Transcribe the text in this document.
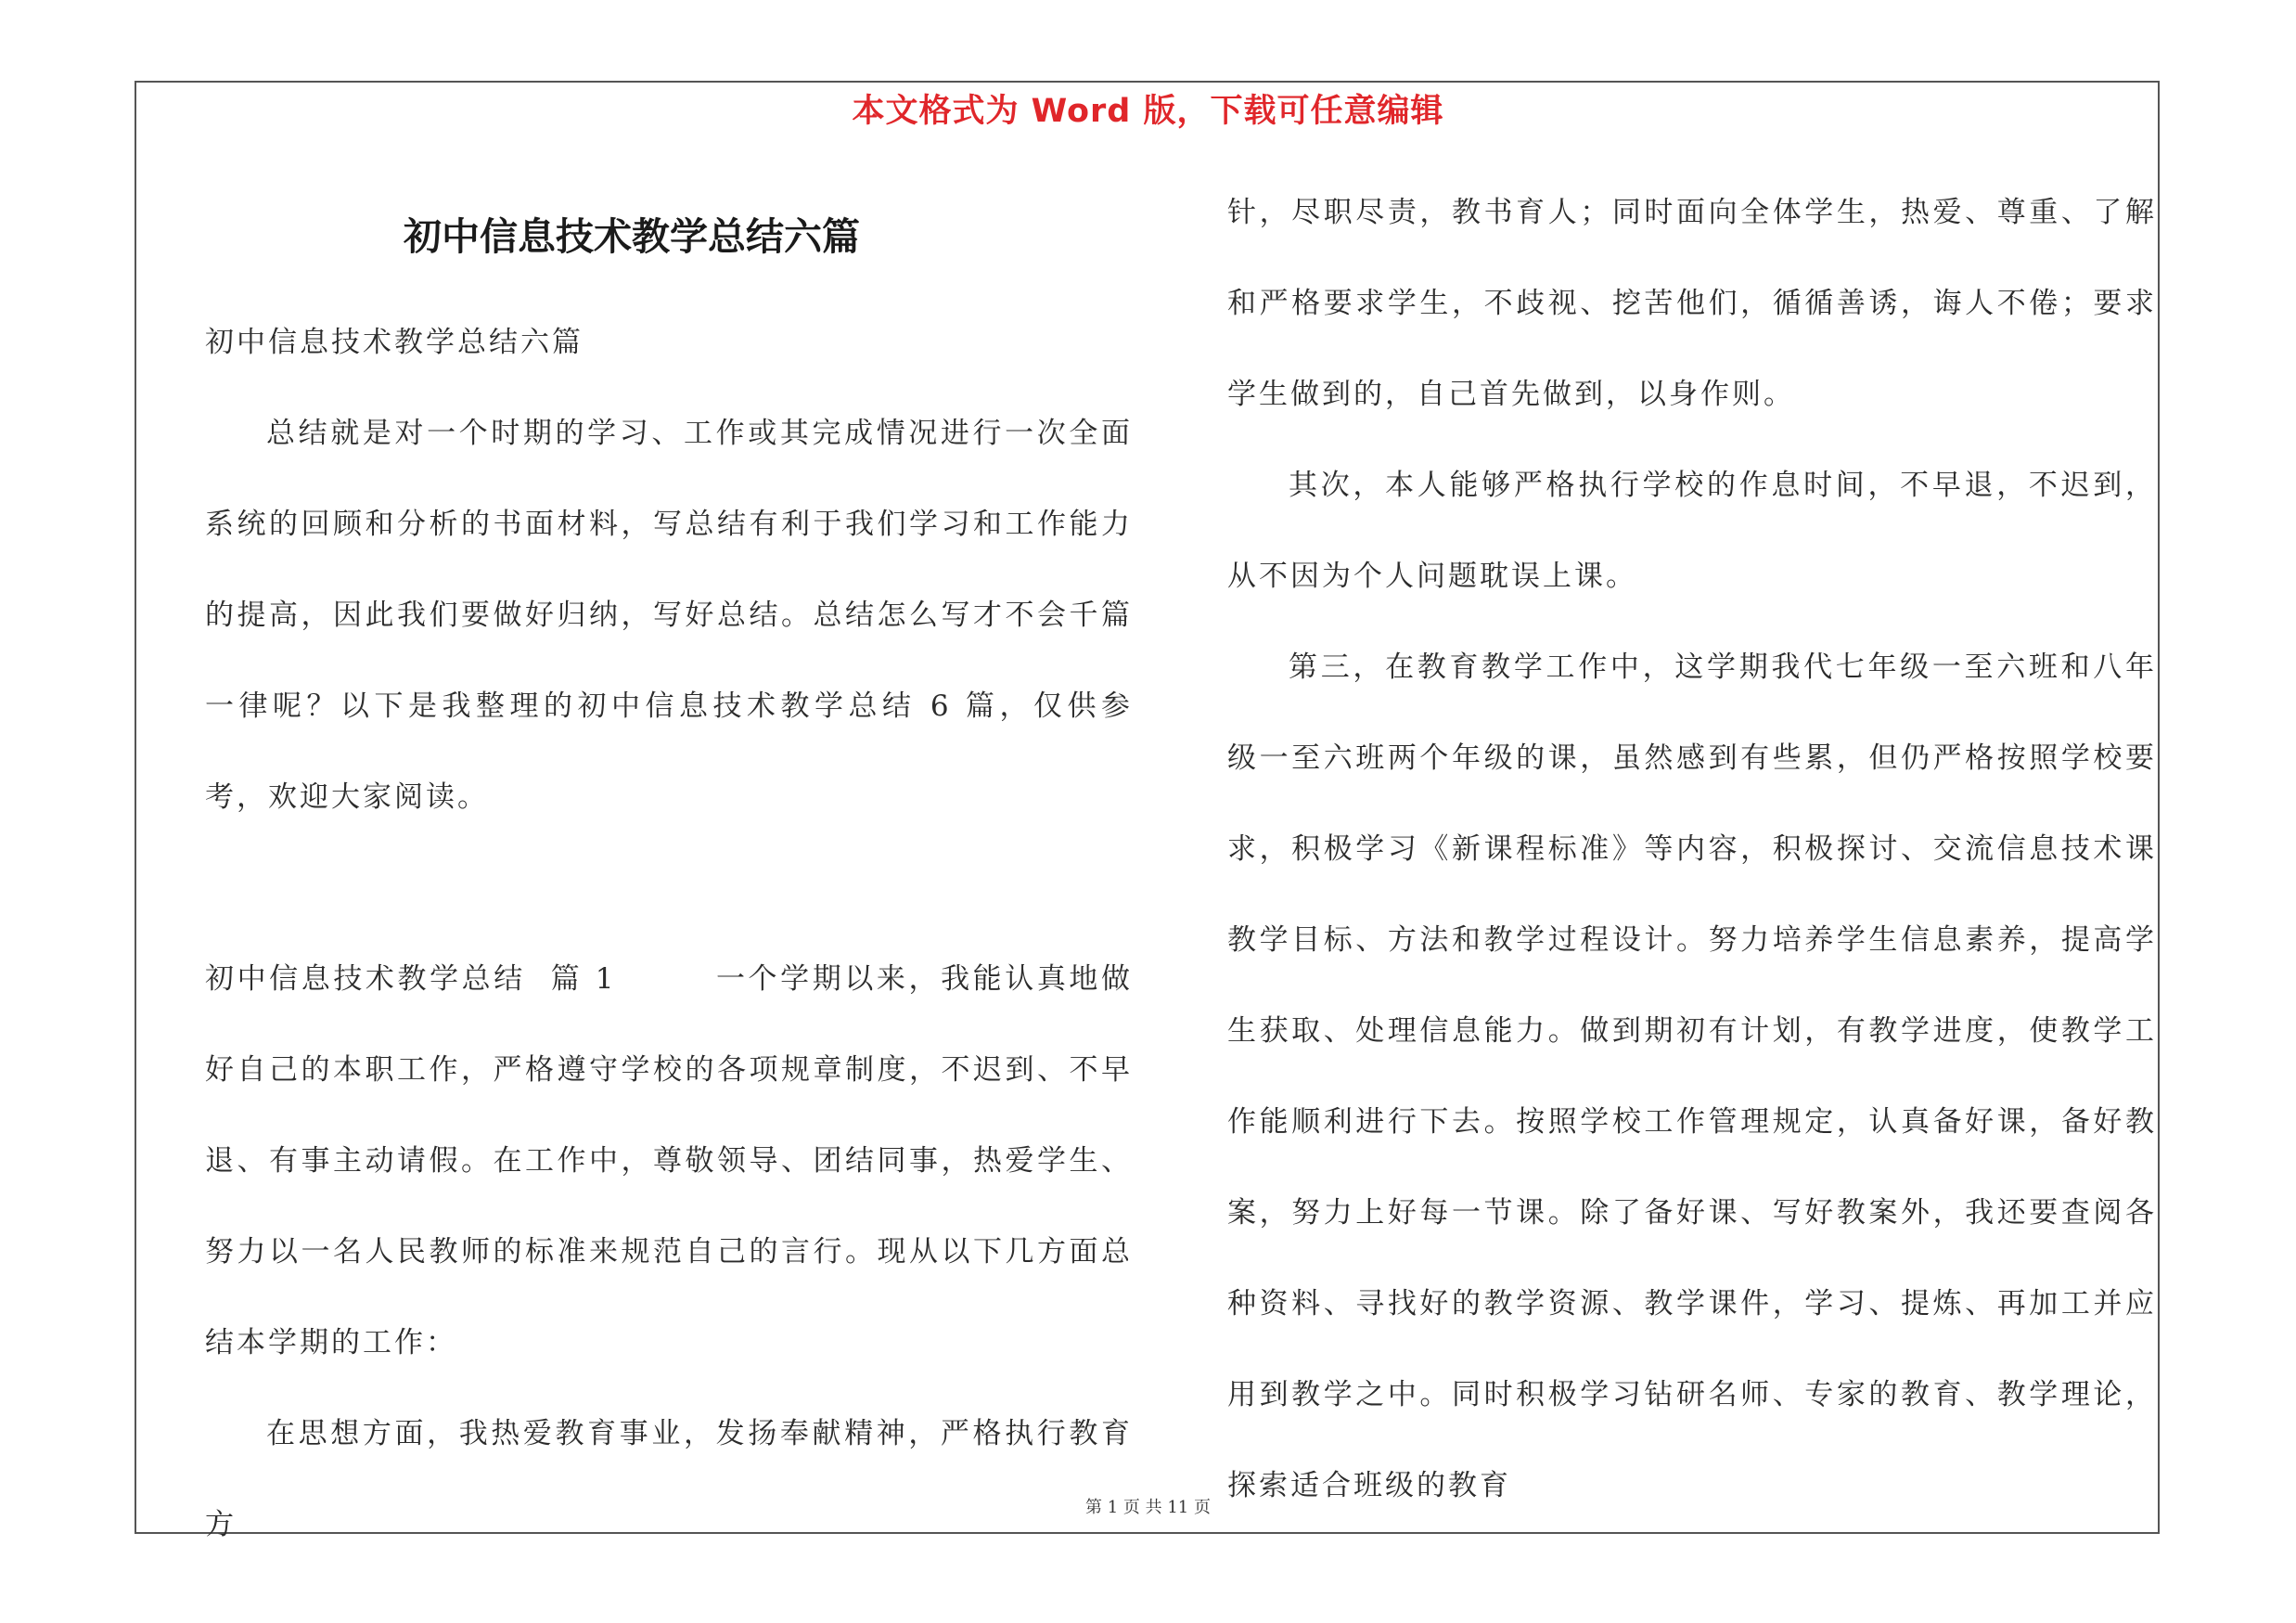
本文格式为 Word 版，下载可任意编辑
初中信息技术教学总结六篇

初中信息技术教学总结六篇

总结就是对一个时期的学习、工作或其完成情况进行一次全面系统的回顾和分析的书面材料，写总结有利于我们学习和工作能力的提高，因此我们要做好归纳，写好总结。总结怎么写才不会千篇一律呢？以下是我整理的初中信息技术教学总结 6 篇，仅供参考，欢迎大家阅读。

初中信息技术教学总结  篇 1        一个学期以来，我能认真地做好自己的本职工作，严格遵守学校的各项规章制度，不迟到、不早退、有事主动请假。在工作中，尊敬领导、团结同事，热爱学生、努力以一名人民教师的标准来规范自己的言行。现从以下几方面总结本学期的工作：

在思想方面，我热爱教育事业，发扬奉献精神，严格执行教育方

针，尽职尽责，教书育人；同时面向全体学生，热爱、尊重、了解和严格要求学生，不歧视、挖苦他们，循循善诱，诲人不倦；要求学生做到的，自己首先做到，以身作则。

其次，本人能够严格执行学校的作息时间，不早退，不迟到，从不因为个人问题耽误上课。

第三，在教育教学工作中，这学期我代七年级一至六班和八年级一至六班两个年级的课，虽然感到有些累，但仍严格按照学校要求，积极学习《新课程标准》等内容，积极探讨、交流信息技术课教学目标、方法和教学过程设计。努力培养学生信息素养，提高学生获取、处理信息能力。做到期初有计划，有教学进度，使教学工作能顺利进行下去。按照学校工作管理规定，认真备好课，备好教案，努力上好每一节课。除了备好课、写好教案外，我还要查阅各种资料、寻找好的教学资源、教学课件，学习、提炼、再加工并应用到教学之中。同时积极学习钻研名师、专家的教育、教学理论，探索适合班级的教育

第 1 页 共 11 页
